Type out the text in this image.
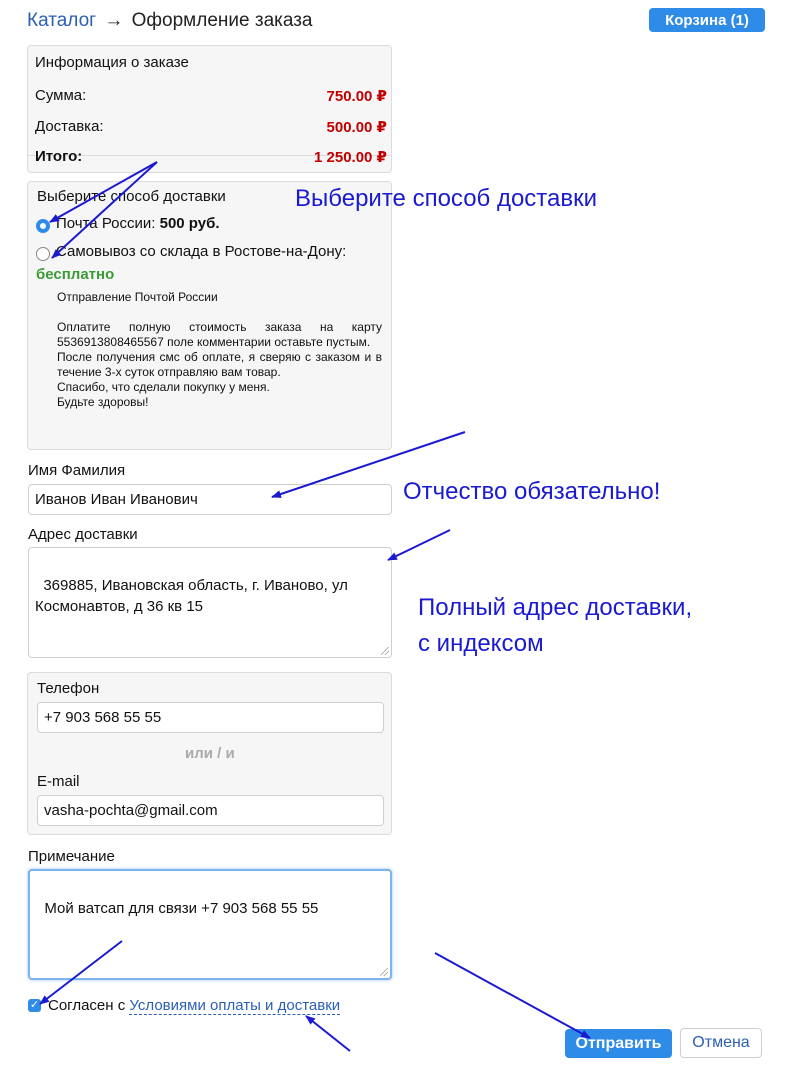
Каталог → Оформление заказа	Корзина (1)
Информация о заказе
Сумма:	750.00 ₽
Доставка:	500.00 ₽
Итого:	1 250.00 ₽
Выберите способ доставки
Почта России: 500 руб.
Самовывоз со склада в Ростове-на-Дону:
бесплатно

Отправление Почтой России

Оплатите полную стоимость заказа на карту 5536913808465567 поле комментарии оставьте пустым.

После получения смс об оплате, я сверяю с заказом и в течение 3-х суток отправляю вам товар.

Спасибо, что сделали покупку у меня.

Будьте здоровы!

Имя Фамилия
Иванов Иван Иванович
Адрес доставки

369885, Ивановская область, г. Иваново, ул Космонавтов, д 36 кв 15

Телефон
+7 903 568 55 55
или / и
E-mail
vasha-pochta@gmail.com
Примечание

Мой ватсап для связи +7 903 568 55 55

✓ Согласен с Условиями оплаты и доставки
Отправить	Отмена
Выберите способ доставки
Отчество обязательно!
Полный адрес доставки,
с индексом
